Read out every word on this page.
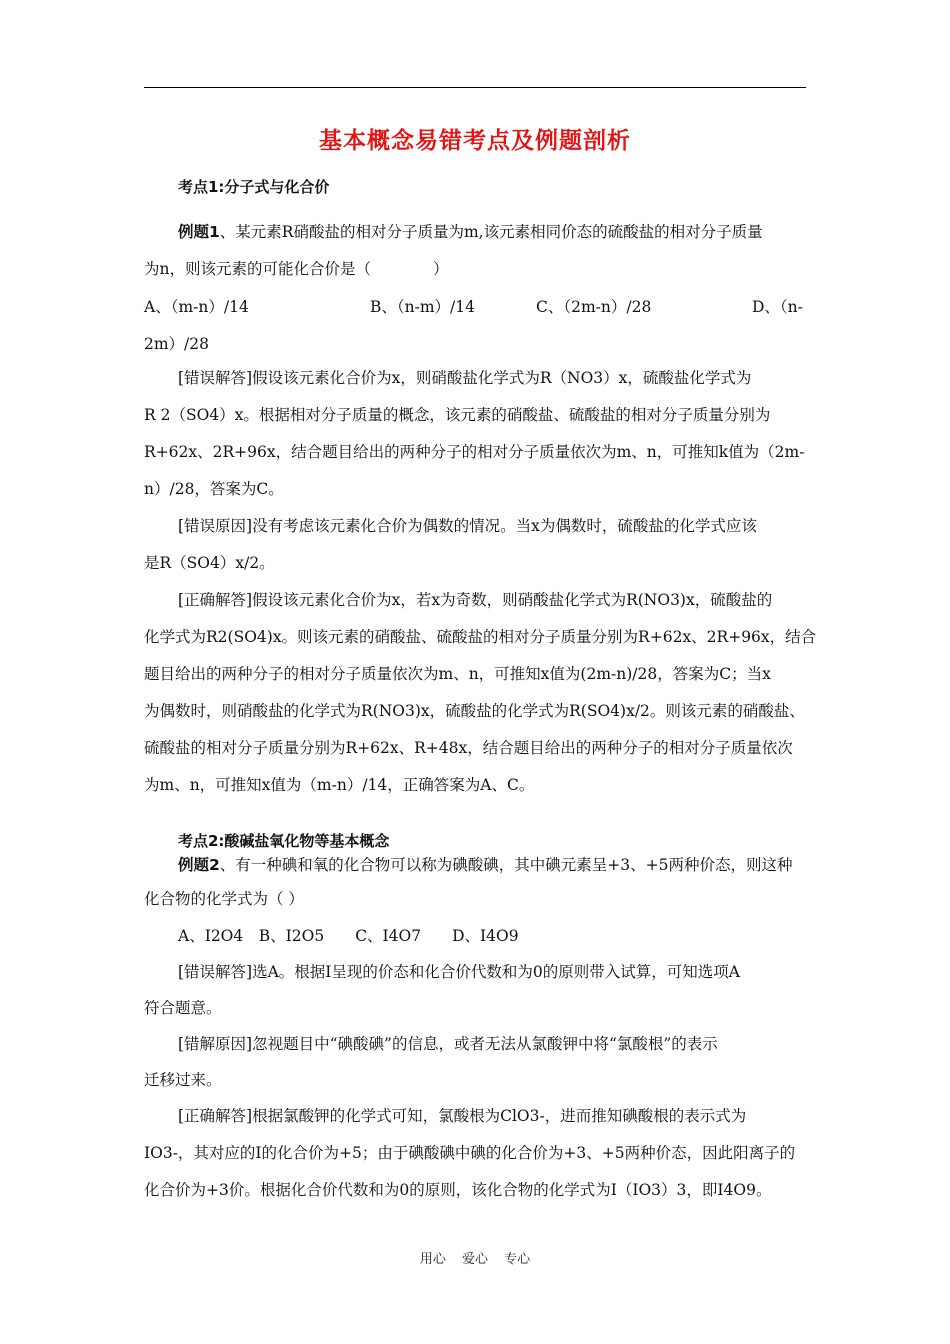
基本概念易错考点及例题剖析
考点1:分子式与化合价
例题1、某元素R硝酸盐的相对分子质量为m,该元素相同价态的硫酸盐的相对分子质量
为n，则该元素的可能化合价是（　　　　）
A、（m-n）/14	B、（n-m）/14	C、（2m-n）/28	D、（n-
2m）/28
[错误解答]假设该元素化合价为x，则硝酸盐化学式为R（NO3）x，硫酸盐化学式为
R 2（SO4）x。根据相对分子质量的概念，该元素的硝酸盐、硫酸盐的相对分子质量分别为
R+62x、2R+96x，结合题目给出的两种分子的相对分子质量依次为m、n，可推知k值为（2m-
n）/28，答案为C。
[错误原因]没有考虑该元素化合价为偶数的情况。当x为偶数时，硫酸盐的化学式应该
是R（SO4）x/2。
[正确解答]假设该元素化合价为x，若x为奇数，则硝酸盐化学式为R(NO3)x，硫酸盐的
化学式为R2(SO4)x。则该元素的硝酸盐、硫酸盐的相对分子质量分别为R+62x、2R+96x，结合
题目给出的两种分子的相对分子质量依次为m、n，可推知x值为(2m-n)/28，答案为C；当x
为偶数时，则硝酸盐的化学式为R(NO3)x，硫酸盐的化学式为R(SO4)x/2。则该元素的硝酸盐、
硫酸盐的相对分子质量分别为R+62x、R+48x，结合题目给出的两种分子的相对分子质量依次
为m、n，可推知x值为（m-n）/14，正确答案为A、C。
考点2:酸碱盐氧化物等基本概念
例题2、有一种碘和氧的化合物可以称为碘酸碘，其中碘元素呈+3、+5两种价态，则这种
化合物的化学式为（ ）
A、I2O4　B、I2O5　　C、I4O7　　D、I4O9
[错误解答]选A。根据I呈现的价态和化合价代数和为0的原则带入试算，可知选项A
符合题意。
[错解原因]忽视题目中“碘酸碘”的信息，或者无法从氯酸钾中将“氯酸根”的表示
迁移过来。
[正确解答]根据氯酸钾的化学式可知，氯酸根为ClO3-，进而推知碘酸根的表示式为
IO3-，其对应的I的化合价为+5；由于碘酸碘中碘的化合价为+3、+5两种价态，因此阳离子的
化合价为+3价。根据化合价代数和为0的原则，该化合物的化学式为I（IO3）3，即I4O9。
用心 爱心 专心
